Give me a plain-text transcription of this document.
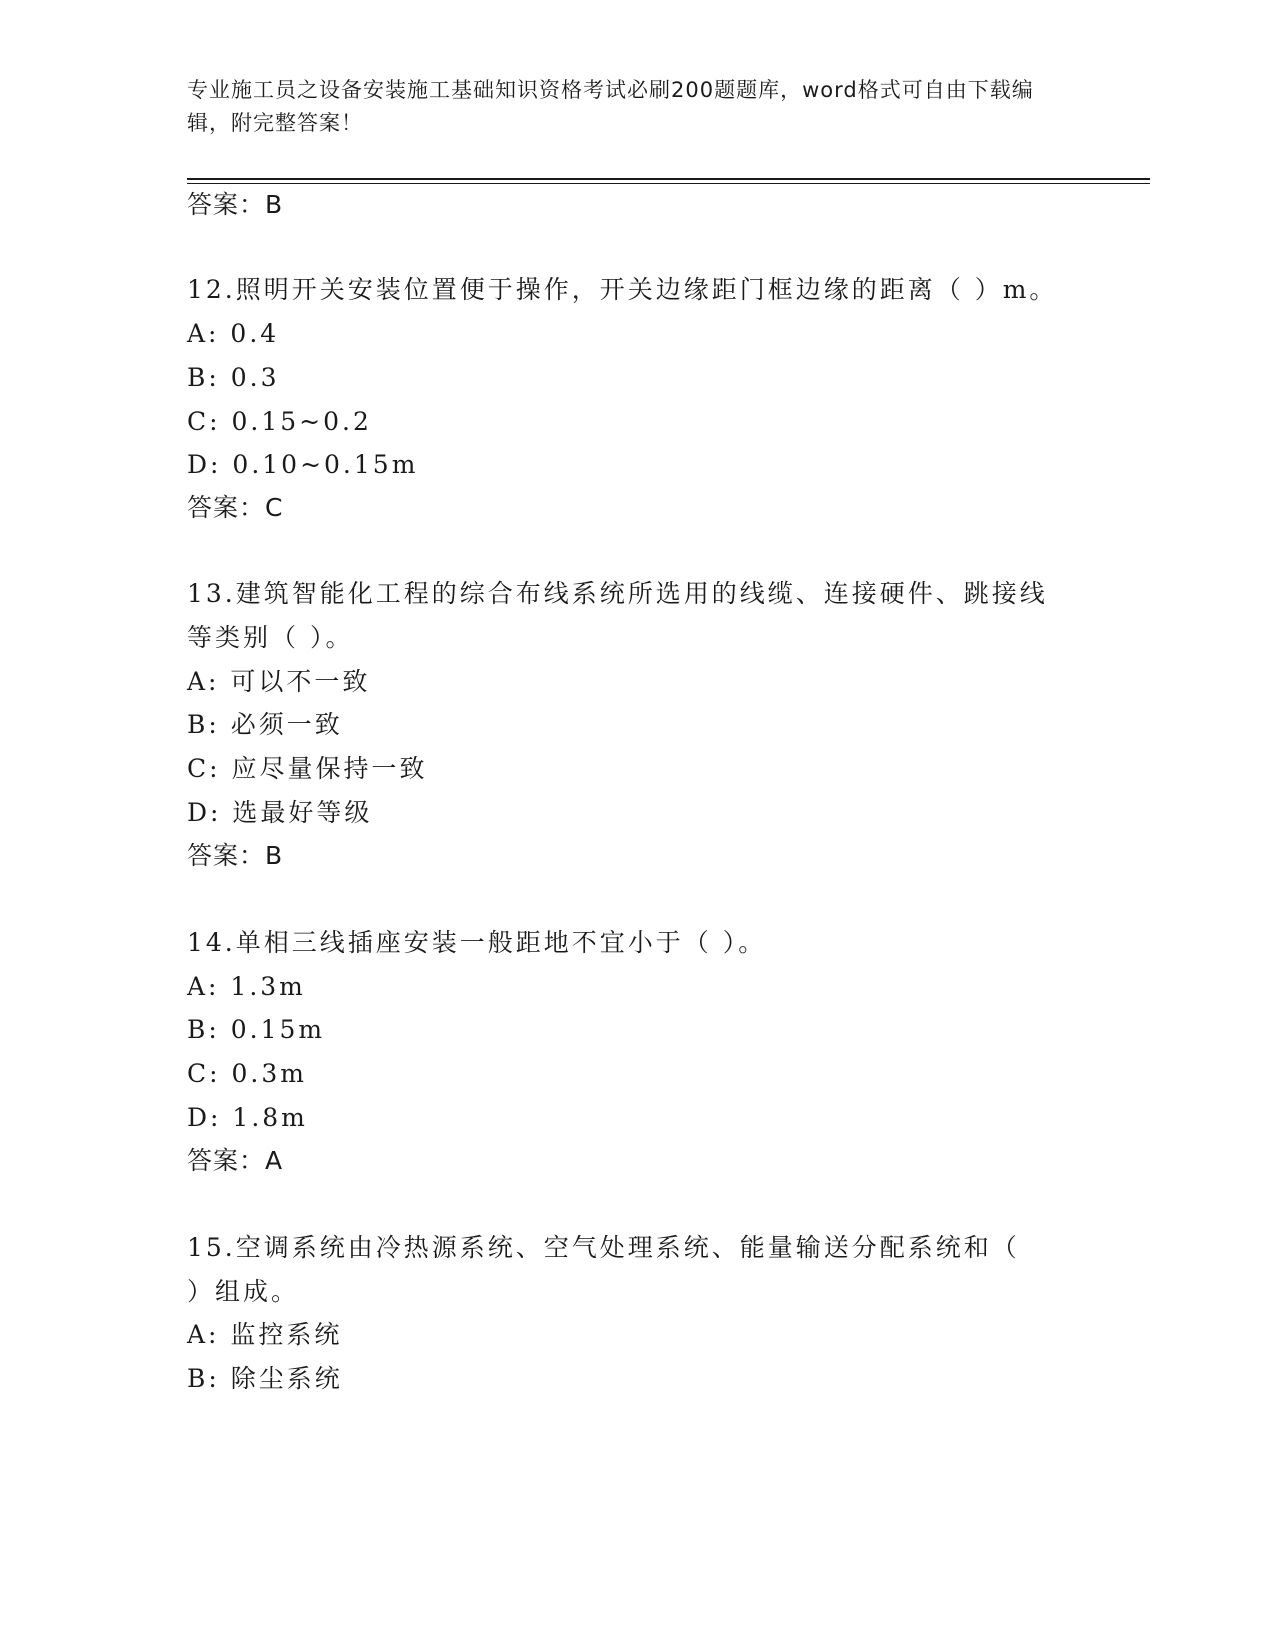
专业施工员之设备安装施工基础知识资格考试必刷200题题库，word格式可自由下载编辑，附完整答案！
答案：B
12.照明开关安装位置便于操作，开关边缘距门框边缘的距离（ ）m。
A: 0.4
B: 0.3
C: 0.15~0.2
D: 0.10~0.15m
答案：C
13.建筑智能化工程的综合布线系统所选用的线缆、连接硬件、跳接线
等类别（ ）。
A: 可以不一致
B: 必须一致
C: 应尽量保持一致
D: 选最好等级
答案：B
14.单相三线插座安装一般距地不宜小于（ ）。
A: 1.3m
B: 0.15m
C: 0.3m
D: 1.8m
答案：A
15.空调系统由冷热源系统、空气处理系统、能量输送分配系统和（
）组成。
A: 监控系统
B: 除尘系统
